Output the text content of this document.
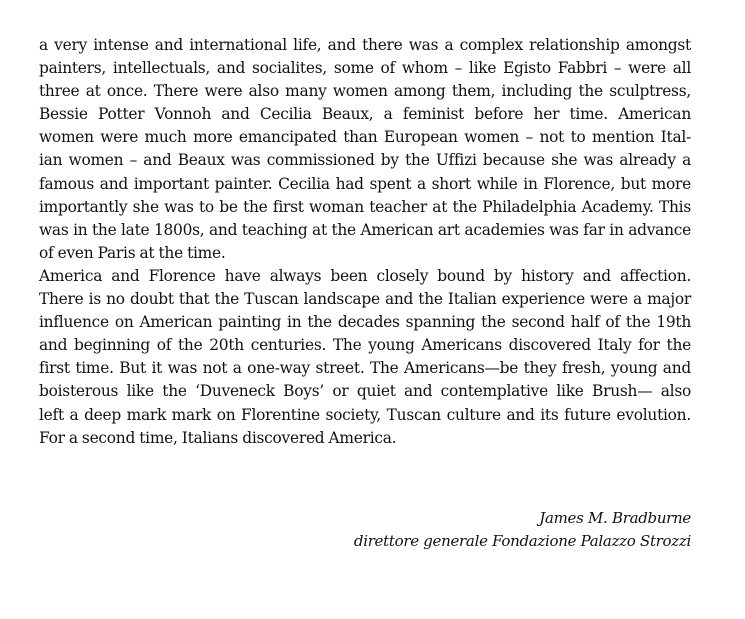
a very intense and international life, and there was a complex relationship amongst
painters, intellectuals, and socialites, some of whom – like Egisto Fabbri – were all
three at once. There were also many women among them, including the sculptress,
Bessie Potter Vonnoh and Cecilia Beaux, a feminist before her time. American
women were much more emancipated than European women – not to mention Ital-
ian women – and Beaux was commissioned by the Uffizi because she was already a
famous and important painter. Cecilia had spent a short while in Florence, but more
importantly she was to be the first woman teacher at the Philadelphia Academy. This
was in the late 1800s, and teaching at the American art academies was far in advance
of even Paris at the time.
America and Florence have always been closely bound by history and affection.
There is no doubt that the Tuscan landscape and the Italian experience were a major
influence on American painting in the decades spanning the second half of the 19th
and beginning of the 20th centuries. The young Americans discovered Italy for the
first time. But it was not a one-way street. The Americans—be they fresh, young and
boisterous like the ‘Duveneck Boys’ or quiet and contemplative like Brush— also
left a deep mark mark on Florentine society, Tuscan culture and its future evolution.
For a second time, Italians discovered America.
James M. Bradburne
direttore generale Fondazione Palazzo Strozzi
